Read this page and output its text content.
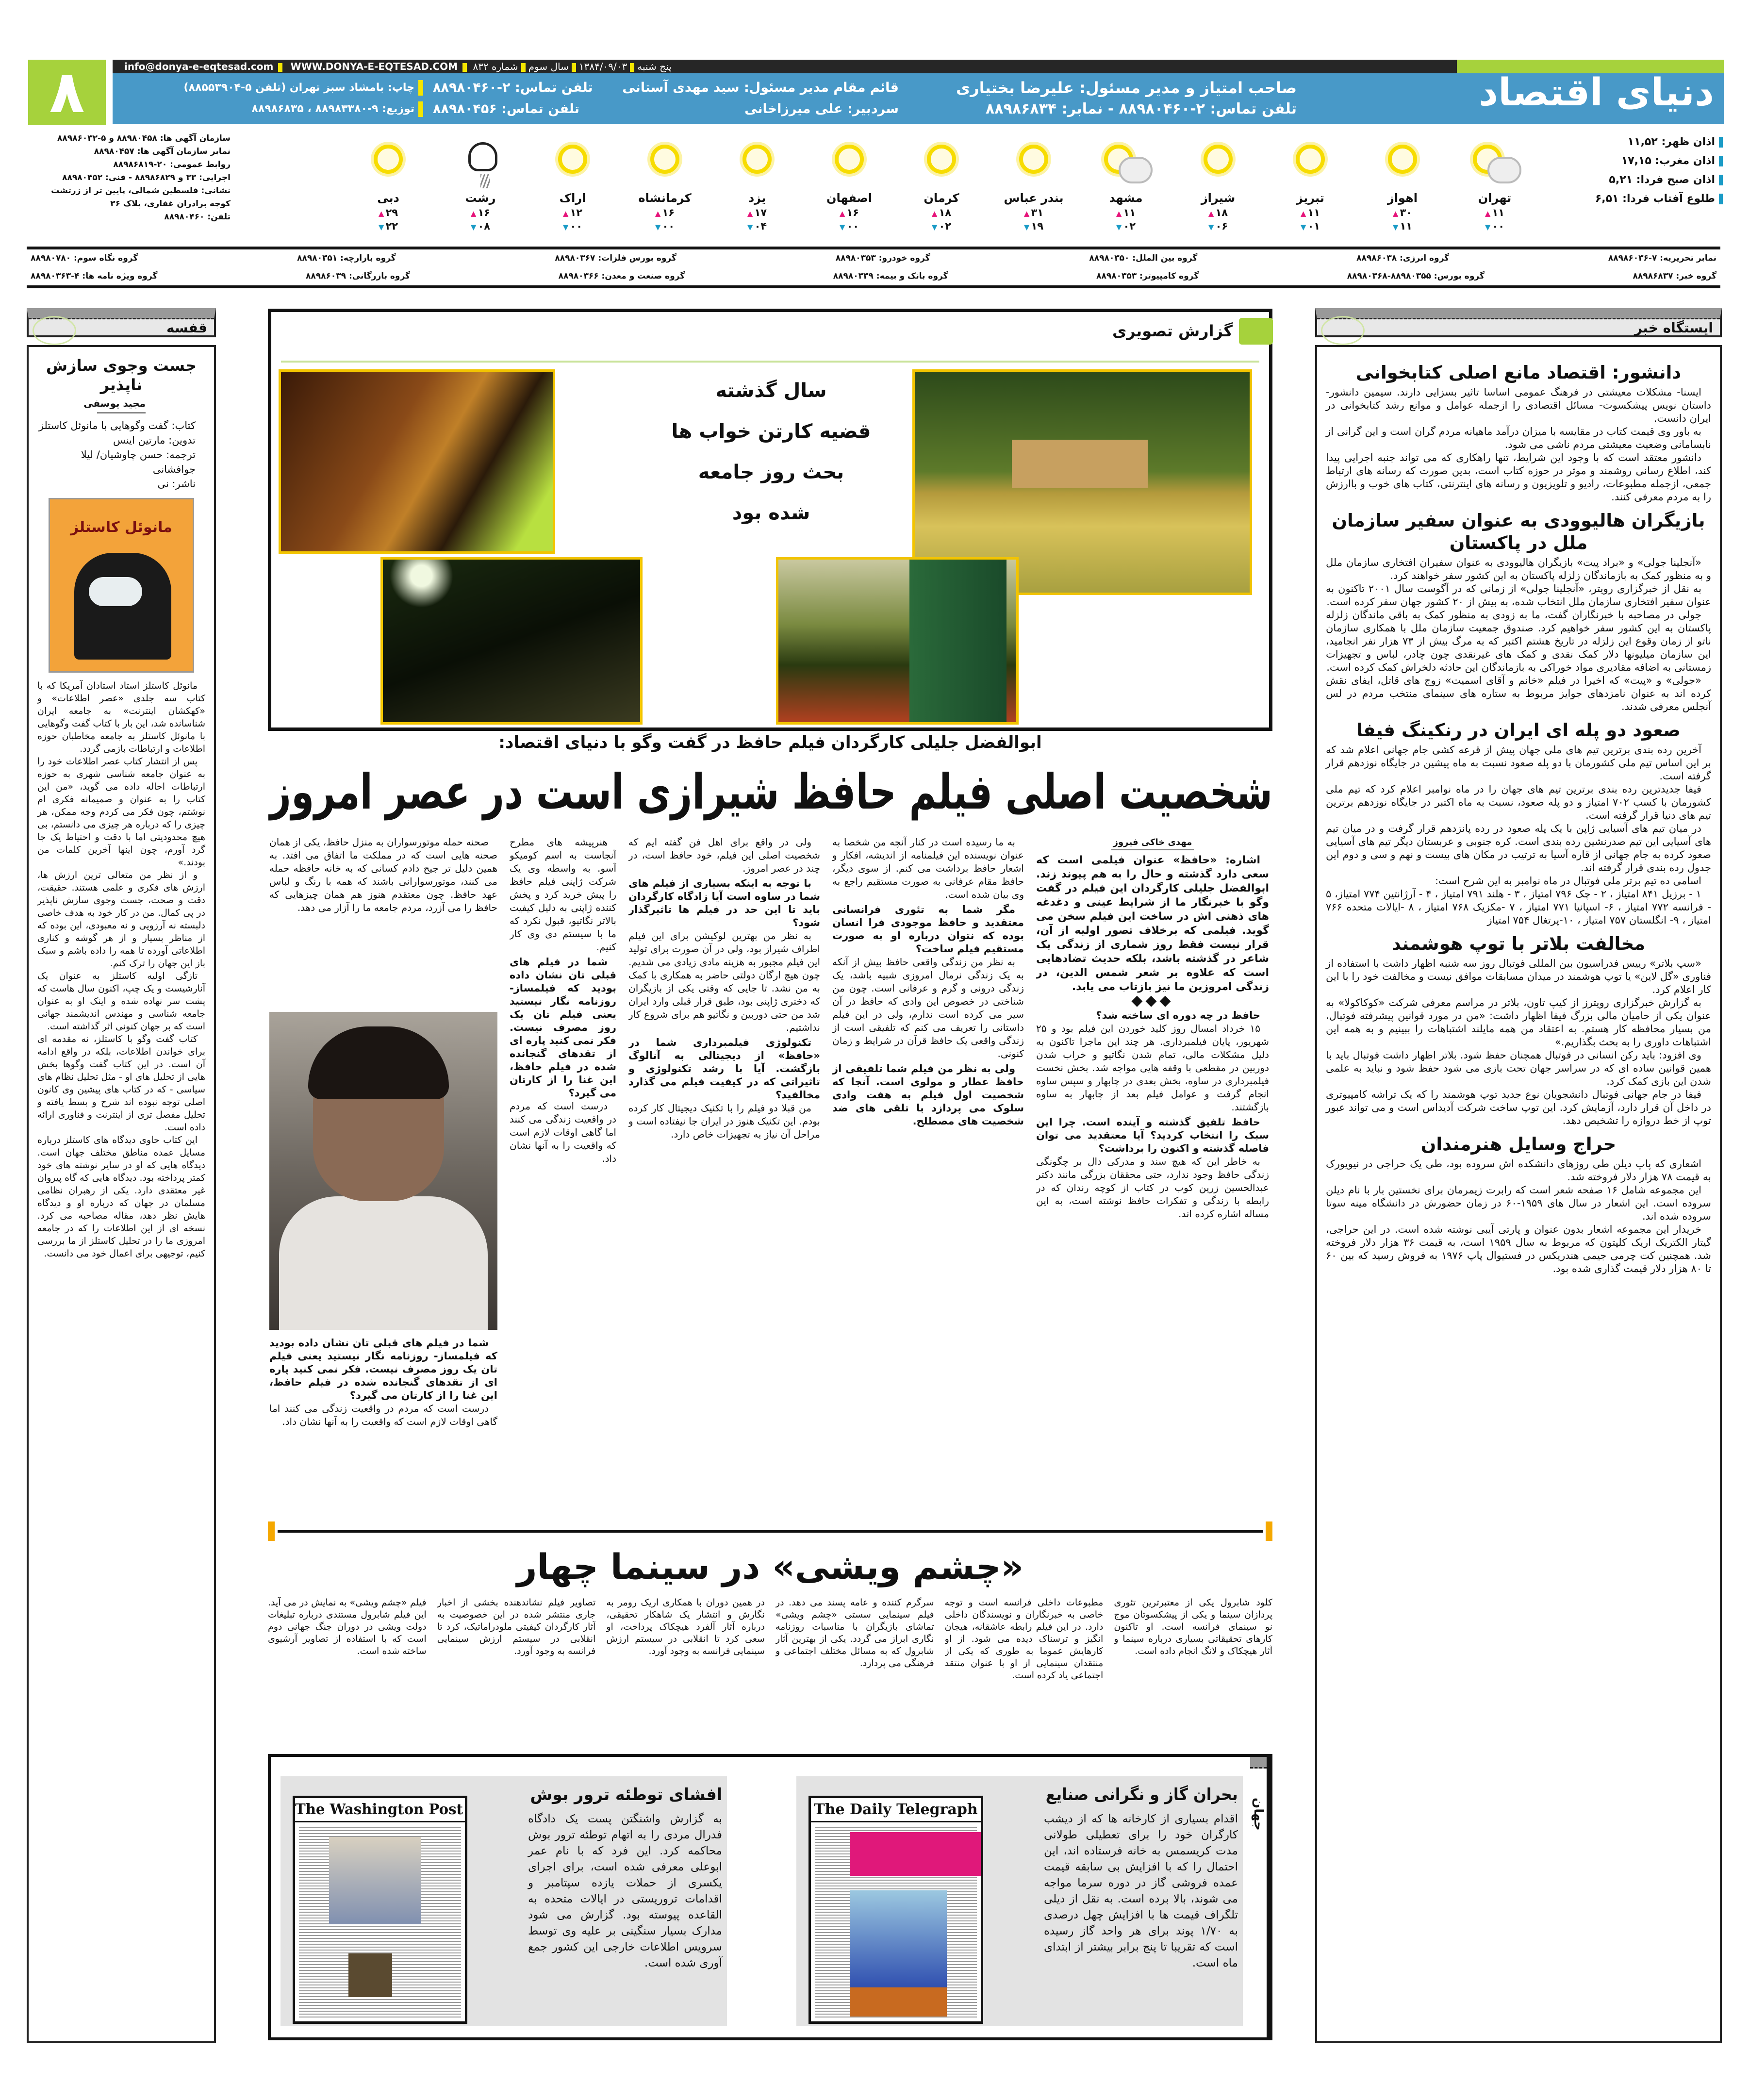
۸	info@donya-e-eqtesad.com WWW.DONYA-E-EQTESAD.COM	پنج شنبه۱۳۸۴/۰۹/۰۳سال سومشماره ۸۳۲
صاحب امتیاز و مدیر مسئول: علیرضا بختیاری
تلفن تماس: ۲-۸۸۹۸۰۴۶۰ - نمابر: ۸۸۹۸۶۸۳۴
قائم مقام مدیر مسئول: سید مهدی آستانی
تلفن تماس: ۲-۸۸۹۸۰۴۶۰
سردبیر: علی میرزاخانی
تلفن تماس: ۸۸۹۸۰۴۵۶
چاپ: بامشاد سبز تهران (تلفن ۵-۸۸۵۵۳۹۰۴)
توزیع: ۹-۸۸۹۸۳۳۸۰ ، ۸۸۹۸۶۸۳۵	دنیای اقتصاد
اذان ظهر: ۱۱,۵۲
اذان مغرب: ۱۷,۱۵
اذان صبح فردا: ۵,۲۱
طلوع آفتاب فردا: ۶,۵۱
تهران
۱۱ ▲
۰۰ ▼
اهواز
۳۰ ▲
۱۱ ▼
تبریز
۱۱ ▲
۰۱ ▼
شیراز
۱۸ ▲
۰۶ ▼
مشهد
۱۱ ▲
۰۲ ▼
بندر عباس
۳۱ ▲
۱۹ ▼
کرمان
۱۸ ▲
۰۲ ▼
اصفهان
۱۶ ▲
۰۰ ▼
یزد
۱۷ ▲
۰۴ ▼
کرمانشاه
۱۶ ▲
۰۰ ▼
اراک
۱۲ ▲
۰۰ ▼
رشت
۱۶ ▲
۰۸ ▼
دبی
۲۹ ▲
۲۲ ▼
سازمان آگهی ها: ۸۸۹۸۰۴۵۸ و ۵-۸۸۹۸۶۰۳۲
نمابر سازمان آگهی ها: ۸۸۹۸۰۴۵۷
روابط عمومی: ۲۰-۸۸۹۸۶۸۱۹
اجرایی: ۳۳ و ۸۸۹۸۶۸۲۹ - فنی: ۸۸۹۸۰۴۵۲
نشانی: فلسطین شمالی، پایین تر از زرتشت
کوچه برادران غفاری، پلاک ۳۶
تلفن: ۸۸۹۸۰۴۶۰
نمابر تحریریه: ۷-۸۸۹۸۶۰۳۶
گروه انرژی: ۸۸۹۸۶۰۳۸
گروه بین الملل: ۸۸۹۸۰۳۵۰
گروه خودرو: ۸۸۹۸۰۳۵۳
گروه بورس فلزات: ۸۸۹۸۰۳۶۷
گروه بازارچه: ۸۸۹۸۰۳۵۱
گروه نگاه سوم: ۸۸۹۸۰۷۸۰
گروه خبر: ۸۸۹۸۶۸۳۷
گروه بورس: ۸۸۹۸۰۳۵۵-۸۸۹۸۰۳۶۸
گروه کامپیوتر: ۸۸۹۸۰۳۵۳
گروه بانک و بیمه: ۸۸۹۸۰۳۳۹
گروه صنعت و معدن: ۸۸۹۸۰۳۶۶
گروه بازرگانی: ۸۸۹۸۶۰۳۹
گروه ویژه نامه ها: ۴-۸۸۹۸۰۳۶۳
قفسه
جست وجوی سازش ناپذیر
مجید یوسفی
کتاب: گفت وگوهایی با مانوئل کاستلز
تدوین: مارتین اینس
ترجمه: حسن چاوشیان/ لیلا جوافشانی
ناشر: نی
مانوئل کاستلز

مانوئل کاستلز استاد استادان آمریکا که با کتاب سه جلدی «عصر اطلاعات» و «کهکشان اینترنت» به جامعه ایران شناسانده شد، این بار با کتاب گفت وگوهایی با مانوئل کاستلز به جامعه مخاطبان حوزه اطلاعات و ارتباطات بازمی گردد.

پس از انتشار کتاب عصر اطلاعات خود را به عنوان جامعه شناسی شهری به حوزه ارتباطات احاله داده می گوید، «من این کتاب را به عنوان و صمیمانه فکری ام نوشتم، چون فکر می کردم وجه ممکن، هر چیزی را که درباره هر چیزی می دانستم، بی هیچ محدودیتی اما با دقت و احتیاط یک جا گرد آورم، چون اینها آخرین کلمات من بودند.»

و از نظر من متعالی ترین ارزش ها، ارزش های فکری و علمی هستند. حقیقت، دقت و صحت، جست وجوی سازش ناپذیر در پی کمال. من در کار خود به هدف خاصی دلبسته نه آرزویی و نه معبودی، این بوده که از مناظر بسیار و از هر گوشه و کناری اطلاعاتی آورده تا همه را داده باشم و سبک باز این جهان را ترک کنم.

تازگی اولیه کاستلز به عنوان یک آنارشیست و یک چپ، اکنون سال هاست که پشت سر نهاده شده و اینک او به عنوان جامعه شناسی و مهندس اندیشمند جهانی است که بر جهان کنونی اثر گذاشته است.

کتاب گفت وگو با کاستلز، نه مقدمه ای برای خواندن اطلاعات، بلکه در واقع ادامه آن است. در این کتاب گفت وگوها بخش هایی از تحلیل های او - مثل تحلیل نظام های سیاسی - که در کتاب های پیشین وی کانون اصلی توجه نبوده اند شرح و بسط یافته و تحلیل مفصل تری از اینترنت و فناوری ارائه داده است.

این کتاب حاوی دیدگاه های کاستلز درباره مسایل عمده مناطق مختلف جهان است. دیدگاه هایی که او در سایر نوشته های خود کمتر پرداخته بود. دیدگاه هایی که گاه پیروان غیر معتقدی دارد. یکی از رهبران نظامی مسلمان در جهان که درباره او و دیدگاه هایش نظر دهد، مقاله مصاحبه می کرد. نسخه ای از این اطلاعات را که در جامعه امروزی ما را در تحلیل کاستلز از ما بررسی کنیم، توجیهی برای اعمال خود می دانست.

گزارش تصویری
سال گذشته
قضیه کارتن خواب ها
بحث روز جامعه
شده بود
ابوالفضل جلیلی کارگردان فیلم حافظ در گفت وگو با دنیای اقتصاد:
شخصیت اصلی فیلم حافظ شیرازی است در عصر امروز
مهدی خاکی فیروز

اشاره: «حافظ» عنوان فیلمی است که سعی دارد گذشته و حال را به هم پیوند زند. ابوالفضل جلیلی کارگردان این فیلم در گفت وگو با خبرنگار ما از شرایط عینی و دغدغه های ذهنی اش در ساخت این فیلم سخن می گوید. فیلمی که برخلاف تصور اولیه از آن، قرار نیست فقط روز شماری از زندگی یک شاعر در گذشته باشد، بلکه حدیث تضادهایی است که علاوه بر شعر شمس الدین، در زندگی امروزین ما نیز بازتاب می یابد.

◆◆◆

حافظ در چه دوره ای ساخته شد؟

۱۵ خرداد امسال روز کلید خوردن این فیلم بود و ۲۵ شهریور، پایان فیلمبرداری. هر چند این ماجرا تاکنون به دلیل مشکلات مالی، تمام شدن نگاتیو و خراب شدن دوربین در مقطعی با وقفه هایی مواجه شد. بخش نخست فیلمبرداری در ساوه، بخش بعدی در چابهار و سپس ساوه انجام گرفت و عوامل فیلم بعد از چابهار به ساوه بازگشتند.

حافظ تلفیق گذشته و آینده است. چرا این سبک را انتخاب کردید؟ آیا معتقدید می توان فاصله گذشته و اکنون را برداشت؟

به خاطر این که هیچ سند و مدرکی دال بر چگونگی زندگی حافظ وجود ندارد، حتی محققان بزرگی مانند دکتر عبدالحسین زرین کوب در کتاب از کوچه رندان که در رابطه با زندگی و تفکرات حافظ نوشته است، به این مساله اشاره کرده اند.

به ما رسیده است در کنار آنچه من شخصا به عنوان نویسنده این فیلمنامه از اندیشه، افکار و اشعار حافظ برداشت می کنم. از سوی دیگر، حافظ مقام عرفانی به صورت مستقیم راجع به وی بیان شده است.

مگر شما به تئوری فرانسانی معتقدید و حافظ موجودی فرا انسان بوده که نتوان درباره او به صورت مستقیم فیلم ساخت؟

به نظر من زندگی واقعی حافظ بیش از آنکه به یک زندگی نرمال امروزی شبیه باشد، یک زندگی درونی و گرم و عرفانی است. چون من شناختی در خصوص این وادی که حافظ در آن سیر می کرده است ندارم، ولی در این فیلم داستانی را تعریف می کنم که تلفیقی است از زندگی واقعی یک حافظ قرآن در شرایط و زمان کنونی.

ولی به نظر من فیلم شما تلفیقی از حافظ عطار و مولوی است. آنجا که شخصیت اول فیلم به هفت وادی سلوک می پردازد با تلقی های ضد شخصیت های مصطلح.

ولی در واقع برای اهل فن گفته ایم که شخصیت اصلی این فیلم، خود حافظ است، در چند در عصر امروز.

با توجه به اینکه بسیاری از فیلم های شما در ساوه است آیا زادگاه کارگردان باید تا این حد در فیلم ها تاثیرگذار شود؟

به نظر من بهترین لوکیشن برای این فیلم اطراف شیراز بود، ولی در آن صورت برای تولید این فیلم مجبور به هزینه مادی زیادی می شدیم. چون هیچ ارگان دولتی حاضر به همکاری با کمک به من نشد. تا جایی که وقتی یکی از بازیگران که دختری ژاپنی بود، طبق قرار قبلی وارد ایران شد من حتی دوربین و نگاتیو هم برای شروع کار نداشتیم.

تکنولوژی فیلمبرداری شما در «حافظ» از دیجیتالی به آنالوگ بازگشت. آیا با رشد تکنولوژی و تاثیراتی که در کیفیت فیلم می گذارد مخالفید؟

من قبلا دو فیلم را با تکنیک دیجیتال کار کرده بودم. این تکنیک هنوز در ایران جا نیفتاده است و مراحل آن نیاز به تجهیزات خاص دارد.

هنرپیشه های مطرح آنجاست به اسم کومیکو آسو. به واسطه وی یک شرکت ژاپنی فیلم حافظ را پیش خرید کرد و پخش کننده ژاپنی به دلیل کیفیت بالاتر نگاتیو، قبول نکرد که ما با سیستم دی وی کار کنیم.

شما در فیلم های قبلی تان نشان داده بودید که فیلمساز- روزنامه نگار نیستید یعنی فیلم تان یک روز مصرف نیست. فکر نمی کنید پاره ای از تقدهای گنجانده شده در فیلم حافظ، این غنا را از کارتان می گیرد؟

درست است که مردم در واقعیت زندگی می کنند اما گاهی اوقات لازم است که واقعیت را به آنها نشان داد.

صحنه حمله موتورسواران به منزل حافظ، یکی از همان صحنه هایی است که در مملکت ما اتفاق می افتد. به همین دلیل تر جیح دادم کسانی که به خانه حافظه حمله می کنند، موتورسوارانی باشند که همه با رنگ و لباس عهد حافظ. چون معتقدم هنوز هم همان چیزهایی که حافظ را می آزرد، مردم جامعه ما را آزار می دهد.

شما در فیلم های قبلی تان نشان داده بودید که فیلمساز- روزنامه نگار نیستید یعنی فیلم تان یک روز مصرف نیست. فکر نمی کنید پاره ای از تقدهای گنجانده شده در فیلم حافظ، این غنا را از کارتان می گیرد؟

درست است که مردم در واقعیت زندگی می کنند اما گاهی اوقات لازم است که واقعیت را به آنها نشان داد.

«چشم ویشی» در سینما چهار
کلود شابرول یکی از معتبرترین تئوری پردازان سینما و یکی از پیشکسوتان موج نو سینمای فرانسه است. او تاکنون کارهای تحقیقاتی بسیاری درباره سینما و آثار هیچکاک و لانگ انجام داده است.
مطبوعات داخلی فرانسه است و توجه خاصی به خبرنگاران و نویسندگان داخلی دارد. در این فیلم رابطه عاشقانه، هیجان انگیز و ترسناک دیده می شود. از او کارهایش عموما به طوری که یکی از منتقدان سینمایی از او با عنوان منتقد اجتماعی یاد کرده است.
سرگرم کننده و عامه پسند می دهد. در فیلم سینمایی سستی «چشم ویشی» تماشای بازیگران با مناسبات روزنامه نگاری ابراز می گردد. یکی از بهترین آثار شابرول که به مسائل مختلف اجتماعی و فرهنگی می پردازد.
در همین دوران با همکاری اریک رومر به نگارش و انتشار یک شاهکار تحقیقی، درباره آثار آلفرد هیچکاک پرداخت، او سعی کرد تا انقلابی در سیستم ارزش سینمایی فرانسه به وجود آورد.
تصاویر فیلم نشاندهنده بخشی از اخبار جاری منتشر شده در این خصوصیت به آثار کارگردان کیفیتی ملودراماتیک، کرد تا انقلابی در سیستم ارزش سینمایی فرانسه به وجود آورد.
فیلم «چشم ویشی» به نمایش در می آید. این فیلم شابرول مستندی درباره تبلیغات دولت ویشی در دوران جنگ جهانی دوم است که با استفاده از تصاویر آرشیوی ساخته شده است.
جهان
بحران گاز و نگرانی صنایع

اقدام بسیاری از کارخانه ها که از دیشب کارگران خود را برای تعطیلی طولانی مدت کریسمس به خانه فرستاده اند، این احتمال را که با افزایش بی سابقه قیمت عمده فروشی گاز در دوره سرما مواجه می شوند، بالا برده است. به نقل از دیلی تلگراف قیمت ها با افزایش چهل درصدی به ۱/۷۰ پوند برای هر واحد گاز رسیده است که تقریبا تا پنج برابر بیشتر از ابتدای ماه است.

The Daily Telegraph
افشای توطئه ترور بوش

به گزارش واشنگتن پست یک دادگاه فدرال مردی را به اتهام توطئه ترور بوش محاکمه کرد. این فرد که با نام عمر ابوعلی معرفی شده است، برای اجرای یکسری از حملات یازده سپتامبر و اقدامات تروریستی در ایالات متحده به القاعده پیوسته بود. گزارش می شود مدارک بسیار سنگینی بر علیه وی توسط سرویس اطلاعات خارجی این کشور جمع آوری شده است.

The Washington Post
ایستگاه خبر
دانشور: اقتصاد مانع اصلی کتابخوانی

ایسنا- مشکلات معیشتی در فرهنگ عمومی اساسا تاثیر بسزایی دارند. سیمین دانشور- داستان نویس پیشکسوت- مسائل اقتصادی را ازجمله عوامل و موانع رشد کتابخوانی در ایران دانست.

به باور وی قیمت کتاب در مقایسه با میزان درآمد ماهیانه مردم گران است و این گرانی از نابسامانی وضعیت معیشتی مردم ناشی می شود.

دانشور معتقد است که با وجود این شرایط، تنها راهکاری که می تواند جنبه اجرایی پیدا کند، اطلاع رسانی روشمند و موثر در حوزه کتاب است، بدین صورت که رسانه های ارتباط جمعی، ازجمله مطبوعات، رادیو و تلویزیون و رسانه های اینترنتی، کتاب های خوب و باارزش را به مردم معرفی کنند.

بازیگران هالیوودی به عنوان سفیر سازمان ملل در پاکستان

«آنجلینا جولی» و «براد پیت» بازیگران هالیوودی به عنوان سفیران افتخاری سازمان ملل و به منظور کمک به بازماندگان زلزله پاکستان به این کشور سفر خواهند کرد.

به نقل از خبرگزاری رویتر، «آنجلینا جولی» از زمانی که در آگوست سال ۲۰۰۱ تاکنون به عنوان سفیر افتخاری سازمان ملل انتخاب شده، به بیش از ۲۰ کشور جهان سفر کرده است.

جولی در مصاحبه با خبرنگاران گفت، ما به زودی به منظور کمک به باقی ماندگان زلزله پاکستان به این کشور سفر خواهیم کرد. صندوق جمعیت سازمان ملل با همکاری سازمان ناتو از زمان وقوع این زلزله در تاریخ هشتم اکتبر که به مرگ بیش از ۷۳ هزار نفر انجامید، این سازمان میلیونها دلار کمک نقدی و کمک های غیرنقدی چون چادر، لباس و تجهیزات زمستانی به اضافه مقادیری مواد خوراکی به بازماندگان این حادثه دلخراش کمک کرده است.

«جولی» و «پیت» که اخیرا در فیلم «خانم و آقای اسمیت» زوج های قاتل، ایفای نقش کرده اند به عنوان نامزدهای جوایز مربوط به ستاره های سینمای منتخب مردم در لس آنجلس معرفی شدند.

صعود دو پله ای ایران در رنکینگ فیفا

آخرین رده بندی برترین تیم های ملی جهان پیش از قرعه کشی جام جهانی اعلام شد که بر این اساس تیم ملی کشورمان با دو پله صعود نسبت به ماه پیشین در جایگاه نوزدهم قرار گرفته است.

فیفا جدیدترین رده بندی برترین تیم های جهان را در ماه نوامبر اعلام کرد که تیم ملی کشورمان با کسب ۷۰۲ امتیاز و دو پله صعود، نسبت به ماه اکتبر در جایگاه نوزدهم برترین تیم های دنیا قرار گرفته است.

در میان تیم های آسیایی ژاپن با یک پله صعود در رده پانزدهم قرار گرفت و در میان تیم های آسیایی این تیم صدرنشین رده بندی است. کره جنوبی و عربستان دیگر تیم های آسیایی صعود کرده به جام جهانی از قاره آسیا به ترتیب در مکان های بیست و نهم و سی و دوم این جدول رده بندی قرار گرفته اند.

اسامی ده تیم برتر ملی فوتبال در ماه نوامبر به این شرح است:

۱ - برزیل ۸۴۱ امتیاز ، ۲ - چک ۷۹۶ امتیاز ، ۳ - هلند ۷۹۱ امتیاز ، ۴ - آرژانتین ۷۷۴ امتیاز، ۵ - فرانسه ۷۷۲ امتیاز ، ۶- اسپانیا ۷۷۱ امتیاز ، ۷ -مکزیک ۷۶۸ امتیاز ، ۸ -ایالات متحده ۷۶۶ امتیاز ، ۹- انگلستان ۷۵۷ امتیاز ، ۱۰-پرتغال ۷۵۴ امتیاز

مخالفت بلاتر با توپ هوشمند

«سپ بلاتر» رییس فدراسیون بین المللی فوتبال روز سه شنبه اظهار داشت با استفاده از فناوری «گل لاین» یا توپ هوشمند در میدان مسابقات موافق نیست و مخالفت خود را با این کار اعلام کرد.

به گزارش خبرگزاری رویترز از کیپ تاون، بلاتر در مراسم معرفی شرکت «کوکاکولا» به عنوان یکی از حامیان مالی بزرگ فیفا اظهار داشت: «من در مورد قوانین پیشرفته فوتبال، من بسیار محافظه کار هستم. به اعتقاد من همه مایلند اشتباهات را ببینیم و به همه این اشتباهات داوری را به بحث بگذاریم.»

وی افزود: باید رکن انسانی در فوتبال همچنان حفظ شود. بلاتر اظهار داشت فوتبال باید با همین قوانین ساده ای که در سراسر جهان تحت بازی می شود حفظ شود و نباید به علمی شدن این بازی کمک کرد.

فیفا در جام جهانی فوتبال دانشجویان نوع جدید توپ هوشمند را که یک تراشه کامپیوتری در داخل آن قرار دارد، آزمایش کرد. این توپ ساخت شرکت آدیداس است و می تواند عبور توپ از خط دروازه را تشخیص دهد.

حراج وسایل هنرمندان

اشعاری که پاپ دیلن طی روزهای دانشکده اش سروده بود، طی یک حراجی در نیویورک به قیمت ۷۸ هزار دلار فروخته شد.

این مجموعه شامل ۱۶ صفحه شعر است که رابرت زیمرمان برای نخستین بار با نام دیلن سروده است. این اشعار در سال های ۱۹۵۹-۶۰ در زمان حضورش در دانشگاه مینه سوتا سروده شده اند.

خریدار این مجموعه اشعار بدون عنوان و پارتی آیبی نوشته شده است. در این حراجی، گیتار الکتریک اریک کلپتون که مربوط به سال ۱۹۵۹ است، به قیمت ۳۶ هزار دلار فروخته شد. همچنین کت چرمی جیمی هندریکس در فستیوال پاپ ۱۹۷۶ به فروش رسید که بین ۶۰ تا ۸۰ هزار دلار قیمت گذاری شده بود.
